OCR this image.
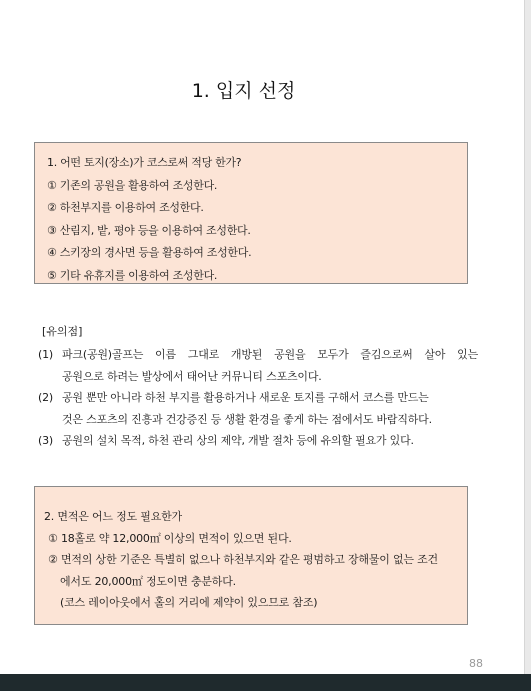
1. 입지 선정
1. 어떤 토지(장소)가 코스로써 적당 한가?
① 기존의 공원을 활용하여 조성한다.
② 하천부지를 이용하여 조성한다.
③ 산림지, 밭, 평야 등을 이용하여 조성한다.
④ 스키장의 경사면 등을 활용하여 조성한다.
⑤ 기타 유휴지를 이용하여 조성한다.
[유의점]
(1) 파크(공원)골프는 이름 그대로 개방된 공원을 모두가 즐김으로써 살아 있는
공원으로 하려는 발상에서 태어난 커뮤니티 스포츠이다.
(2) 공원 뿐만 아니라 하천 부지를 활용하거나 새로운 토지를 구해서 코스를 만드는
것은 스포츠의 진흥과 건강증진 등 생활 환경을 좋게 하는 점에서도 바람직하다.
(3) 공원의 설치 목적, 하천 관리 상의 제약, 개발 절차 등에 유의할 필요가 있다.
2. 면적은 어느 정도 필요한가
① 18홀로 약 12,000㎡ 이상의 면적이 있으면 된다.
② 면적의 상한 기준은 특별히 없으나 하천부지와 같은 평범하고 장해물이 없는 조건
에서도 20,000㎡ 정도이면 충분하다.
(코스 레이아웃에서 홀의 거리에 제약이 있으므로 참조)
88
